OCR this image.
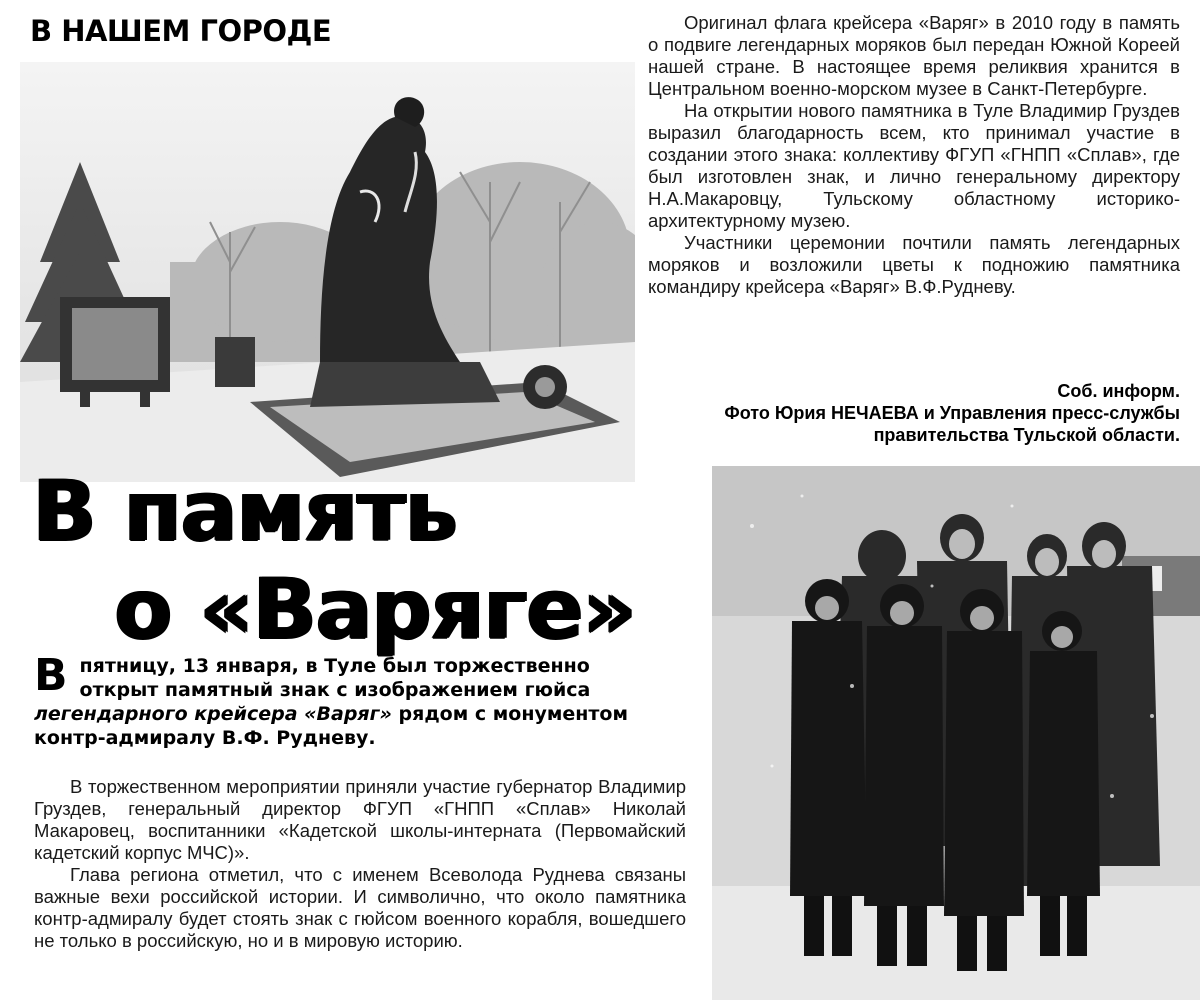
В НАШЕМ ГОРОДЕ
В память
о «Варяге»
В пятницу, 13 января, в Туле был торжественно открыт памятный знак с изображением гюйса легендарного крейсера «Варяг» рядом с монументом контр-адмиралу В.Ф. Рудневу.

В торжественном мероприятии приняли участие губернатор Владимир Груздев, генеральный директор ФГУП «ГНПП «Сплав» Николай Макаровец, воспитанники «Кадетской школы-интерната (Первомайский кадетский корпус МЧС)».

Глава региона отметил, что с именем Всеволода Руднева связаны важные вехи российской истории. И символично, что около памятника контр-адмиралу будет стоять знак с гюйсом военного корабля, вошедшего не только в российскую, но и в мировую историю.

Оригинал флага крейсера «Варяг» в 2010 году в память о подвиге легендарных моряков был передан Южной Кореей нашей стране. В настоящее время реликвия хранится в Центральном военно-морском музее в Санкт-Петербурге.

На открытии нового памятника в Туле Владимир Груздев выразил благодарность всем, кто принимал участие в создании этого знака: коллективу ФГУП «ГНПП «Сплав», где был изготовлен знак, и лично генеральному директору Н.А.Макаровцу, Тульскому областному историко-архитектурному музею.

Участники церемонии почтили память легендарных моряков и возложили цветы к подножию памятника командиру крейсера «Варяг» В.Ф.Рудневу.

Соб. информ.
Фото Юрия НЕЧАЕВА и Управления пресс-службы правительства Тульской области.
